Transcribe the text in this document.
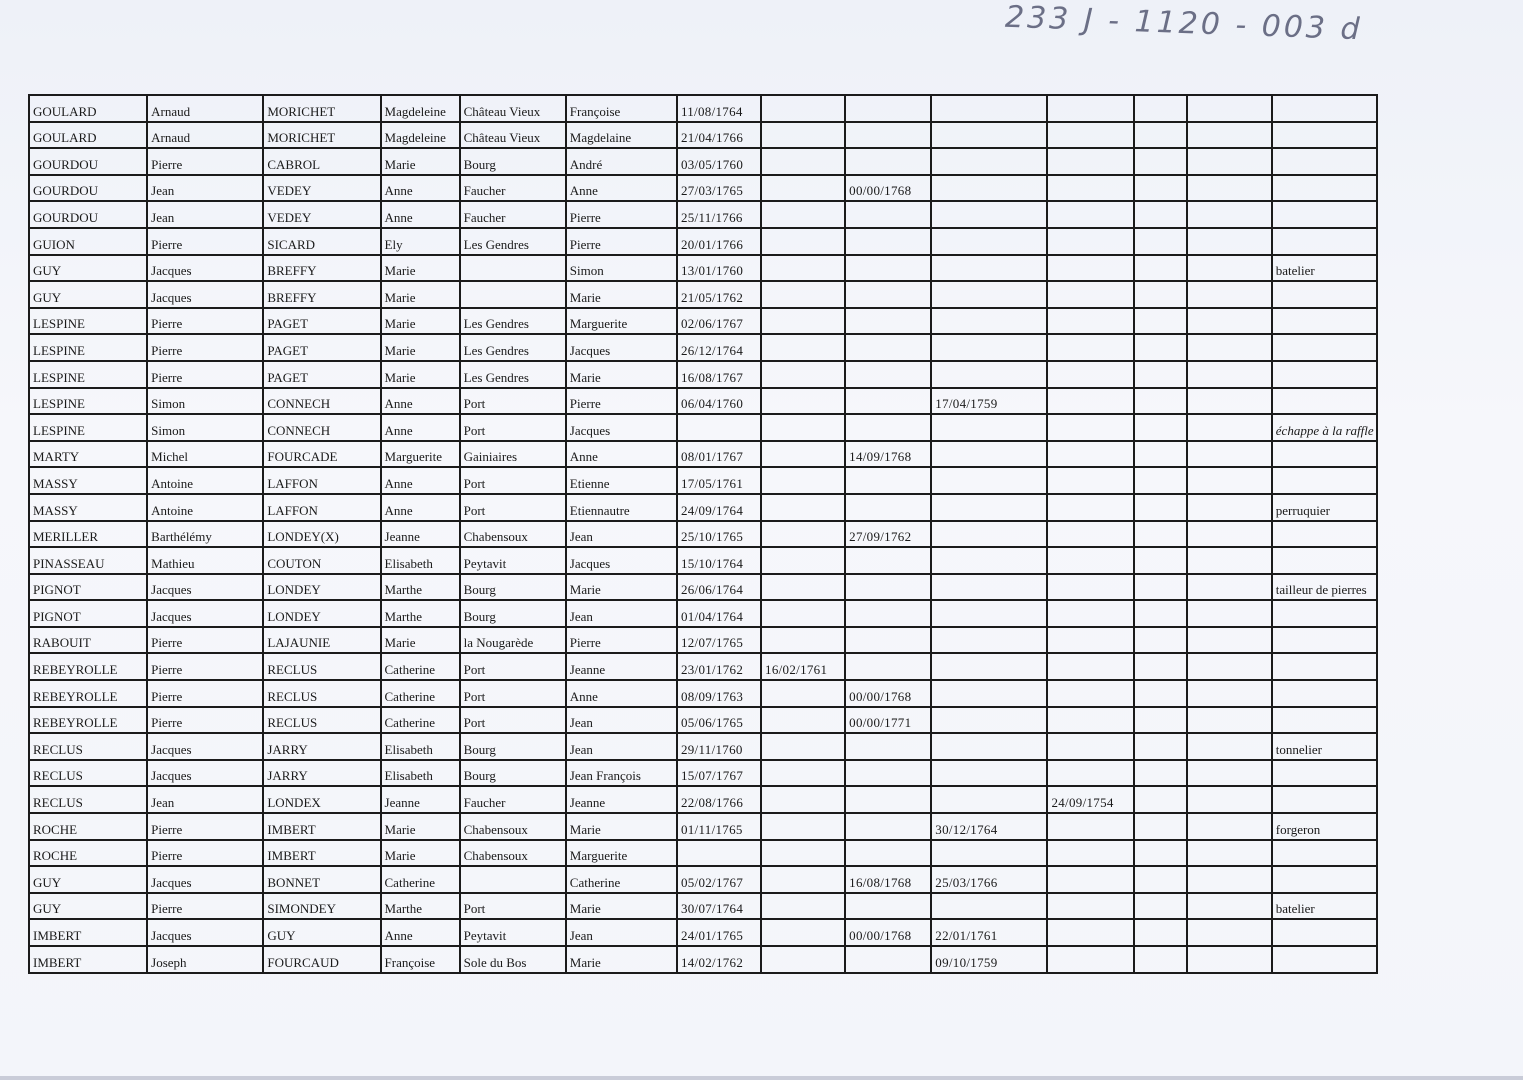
233 J - 1120 - 003 d
GOULARD	Arnaud	MORICHET	Magdeleine	Château Vieux	Françoise	11/08/1764							
GOULARD	Arnaud	MORICHET	Magdeleine	Château Vieux	Magdelaine	21/04/1766							
GOURDOU	Pierre	CABROL	Marie	Bourg	André	03/05/1760							
GOURDOU	Jean	VEDEY	Anne	Faucher	Anne	27/03/1765		00/00/1768					
GOURDOU	Jean	VEDEY	Anne	Faucher	Pierre	25/11/1766							
GUION	Pierre	SICARD	Ely	Les Gendres	Pierre	20/01/1766							
GUY	Jacques	BREFFY	Marie		Simon	13/01/1760							batelier
GUY	Jacques	BREFFY	Marie		Marie	21/05/1762							
LESPINE	Pierre	PAGET	Marie	Les Gendres	Marguerite	02/06/1767							
LESPINE	Pierre	PAGET	Marie	Les Gendres	Jacques	26/12/1764							
LESPINE	Pierre	PAGET	Marie	Les Gendres	Marie	16/08/1767							
LESPINE	Simon	CONNECH	Anne	Port	Pierre	06/04/1760			17/04/1759				
LESPINE	Simon	CONNECH	Anne	Port	Jacques								échappe à la raffle
MARTY	Michel	FOURCADE	Marguerite	Gainiaires	Anne	08/01/1767		14/09/1768					
MASSY	Antoine	LAFFON	Anne	Port	Etienne	17/05/1761							
MASSY	Antoine	LAFFON	Anne	Port	Etiennautre	24/09/1764							perruquier
MERILLER	Barthélémy	LONDEY(X)	Jeanne	Chabensoux	Jean	25/10/1765		27/09/1762					
PINASSEAU	Mathieu	COUTON	Elisabeth	Peytavit	Jacques	15/10/1764							
PIGNOT	Jacques	LONDEY	Marthe	Bourg	Marie	26/06/1764							tailleur de pierres
PIGNOT	Jacques	LONDEY	Marthe	Bourg	Jean	01/04/1764							
RABOUIT	Pierre	LAJAUNIE	Marie	la Nougarède	Pierre	12/07/1765							
REBEYROLLE	Pierre	RECLUS	Catherine	Port	Jeanne	23/01/1762	16/02/1761						
REBEYROLLE	Pierre	RECLUS	Catherine	Port	Anne	08/09/1763		00/00/1768					
REBEYROLLE	Pierre	RECLUS	Catherine	Port	Jean	05/06/1765		00/00/1771					
RECLUS	Jacques	JARRY	Elisabeth	Bourg	Jean	29/11/1760							tonnelier
RECLUS	Jacques	JARRY	Elisabeth	Bourg	Jean François	15/07/1767							
RECLUS	Jean	LONDEX	Jeanne	Faucher	Jeanne	22/08/1766				24/09/1754			
ROCHE	Pierre	IMBERT	Marie	Chabensoux	Marie	01/11/1765			30/12/1764				forgeron
ROCHE	Pierre	IMBERT	Marie	Chabensoux	Marguerite								
GUY	Jacques	BONNET	Catherine		Catherine	05/02/1767		16/08/1768	25/03/1766				
GUY	Pierre	SIMONDEY	Marthe	Port	Marie	30/07/1764							batelier
IMBERT	Jacques	GUY	Anne	Peytavit	Jean	24/01/1765		00/00/1768	22/01/1761				
IMBERT	Joseph	FOURCAUD	Françoise	Sole du Bos	Marie	14/02/1762			09/10/1759				
